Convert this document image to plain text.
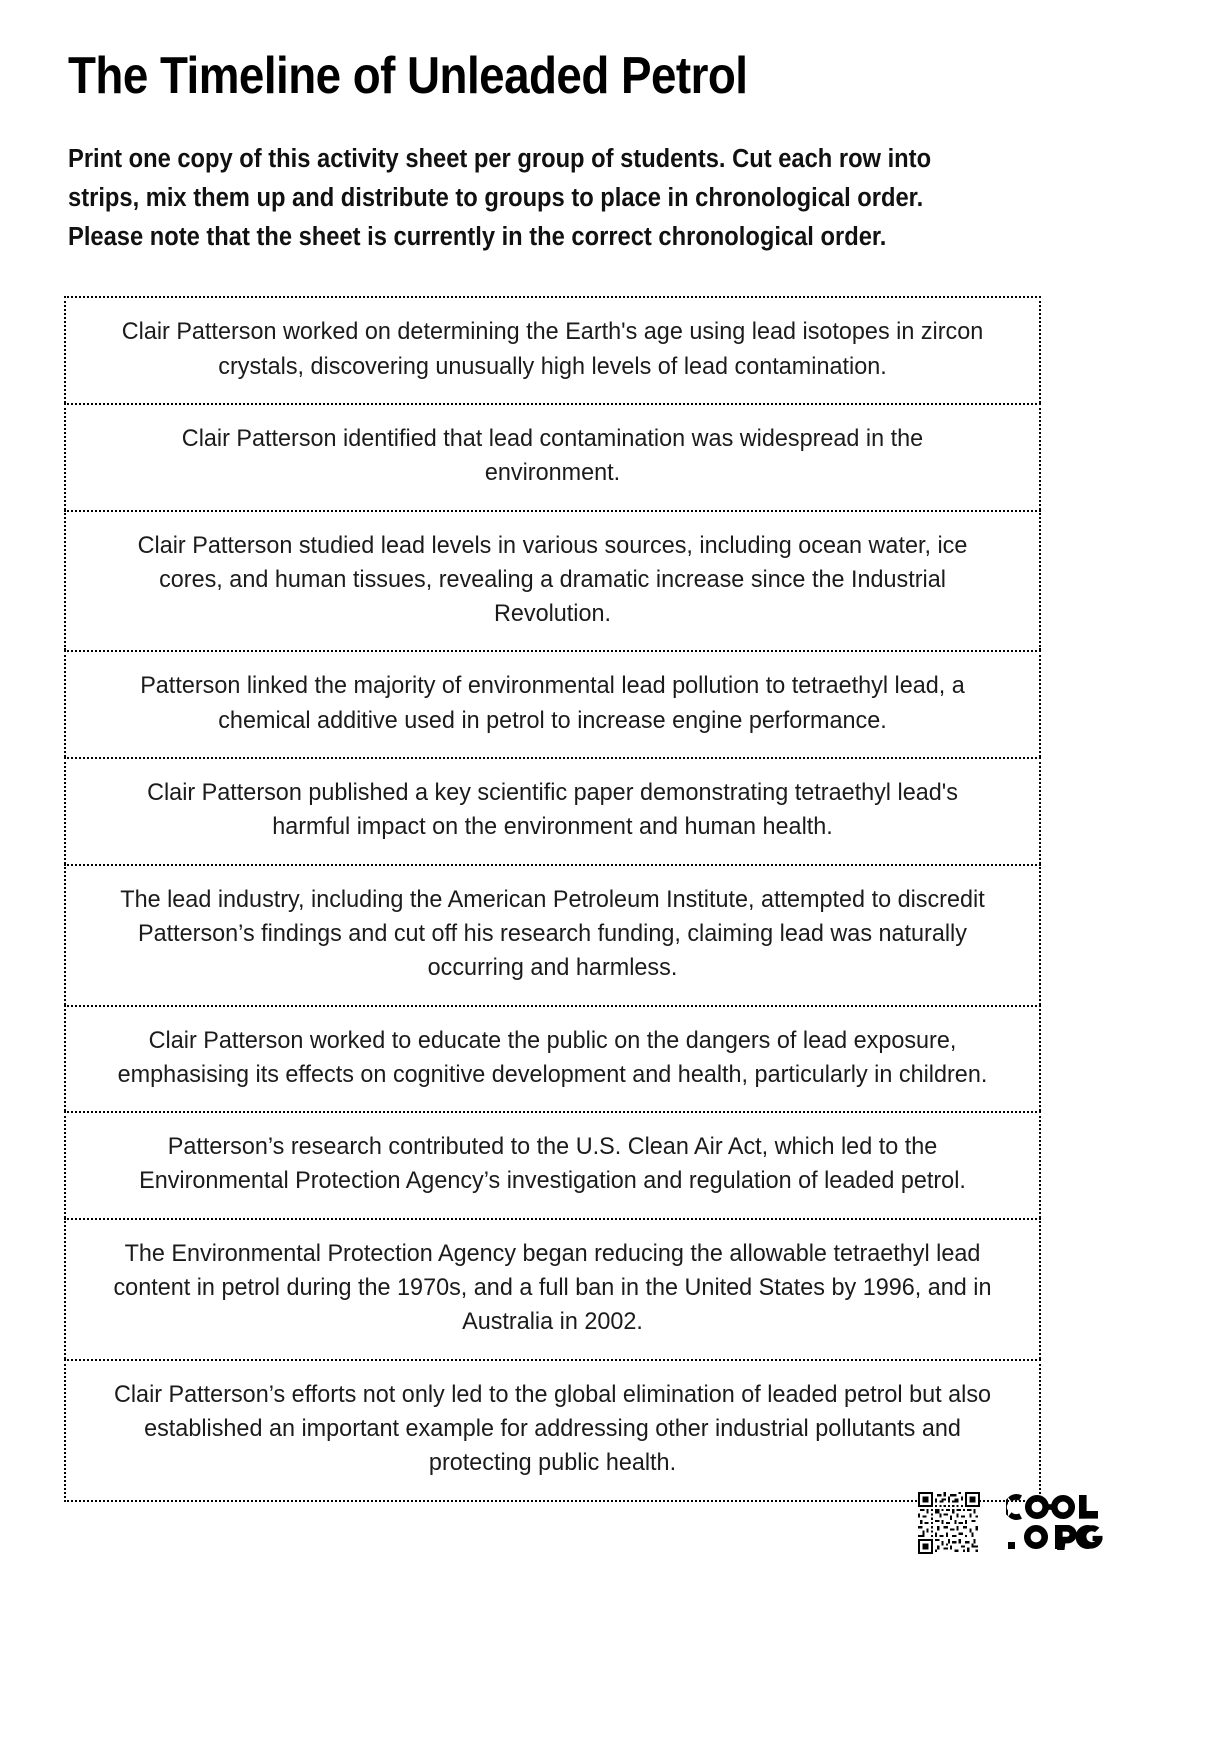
The Timeline of Unleaded Petrol
Print one copy of this activity sheet per group of students. Cut each row into
strips, mix them up and distribute to groups to place in chronological order.
Please note that the sheet is currently in the correct chronological order.
Clair Patterson worked on determining the Earth's age using lead isotopes in zircon crystals, discovering unusually high levels of lead contamination.
Clair Patterson identified that lead contamination was widespread in the environment.
Clair Patterson studied lead levels in various sources, including ocean water, ice cores, and human tissues, revealing a dramatic increase since the Industrial Revolution.
Patterson linked the majority of environmental lead pollution to tetraethyl lead, a chemical additive used in petrol to increase engine performance.
Clair Patterson published a key scientific paper demonstrating tetraethyl lead's harmful impact on the environment and human health.
The lead industry, including the American Petroleum Institute, attempted to discredit Patterson’s findings and cut off his research funding, claiming lead was naturally occurring and harmless.
Clair Patterson worked to educate the public on the dangers of lead exposure, emphasising its effects on cognitive development and health, particularly in children.
Patterson’s research contributed to the U.S. Clean Air Act, which led to the Environmental Protection Agency’s investigation and regulation of leaded petrol.
The Environmental Protection Agency began reducing the allowable tetraethyl lead content in petrol during the 1970s, and a full ban in the United States by 1996, and in Australia in 2002.
Clair Patterson’s efforts not only led to the global elimination of leaded petrol but also established an important example for addressing other industrial pollutants and protecting public health.
